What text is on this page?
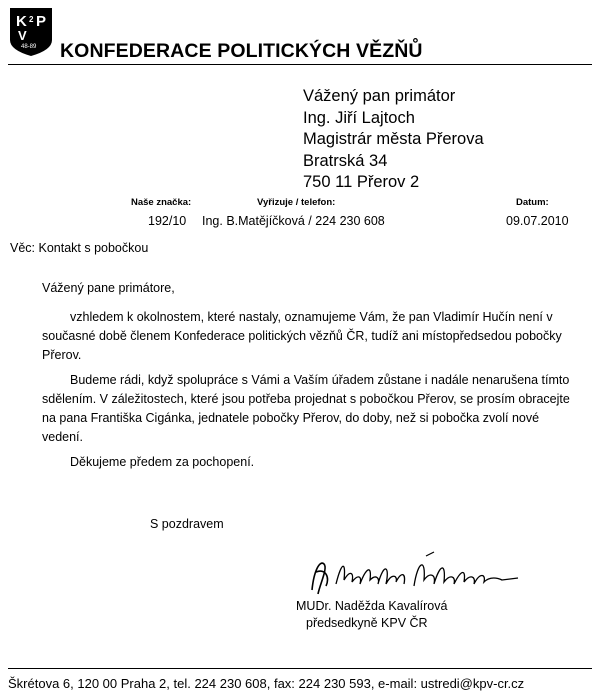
K 2 P
V
48-89 KONFEDERACE POLITICKÝCH VĚZŇŮ
Vážený pan primátor
Ing. Jiří Lajtoch
Magistrár města Přerova
Bratrská 34
750 11 Přerov 2
Naše značka:	Vyřizuje / telefon:	Datum:
192/10 Ing. B.Matějíčková / 224 230 608	09.07.2010
Věc: Kontakt s pobočkou

Vážený pane primátore,

vzhledem k okolnostem, které nastaly, oznamujeme Vám, že pan Vladimír Hučín není v současné době členem Konfederace politických vězňů ČR, tudíž ani místopředsedou pobočky Přerov.

Budeme rádi, když spolupráce s Vámi a Vaším úřadem zůstane i nadále nenarušena tímto sdělením. V záležitostech, které jsou potřeba projednat s pobočkou Přerov, se prosím obracejte na pana Františka Cigánka, jednatele pobočky Přerov, do doby, než si pobočka zvolí nové vedení.

Děkujeme předem za pochopení.

S pozdravem
MUDr. Naděžda Kavalírová
předsedkyně KPV ČR
Škrétova 6, 120 00 Praha 2, tel. 224 230 608, fax: 224 230 593, e-mail: ustredi@kpv-cr.cz
